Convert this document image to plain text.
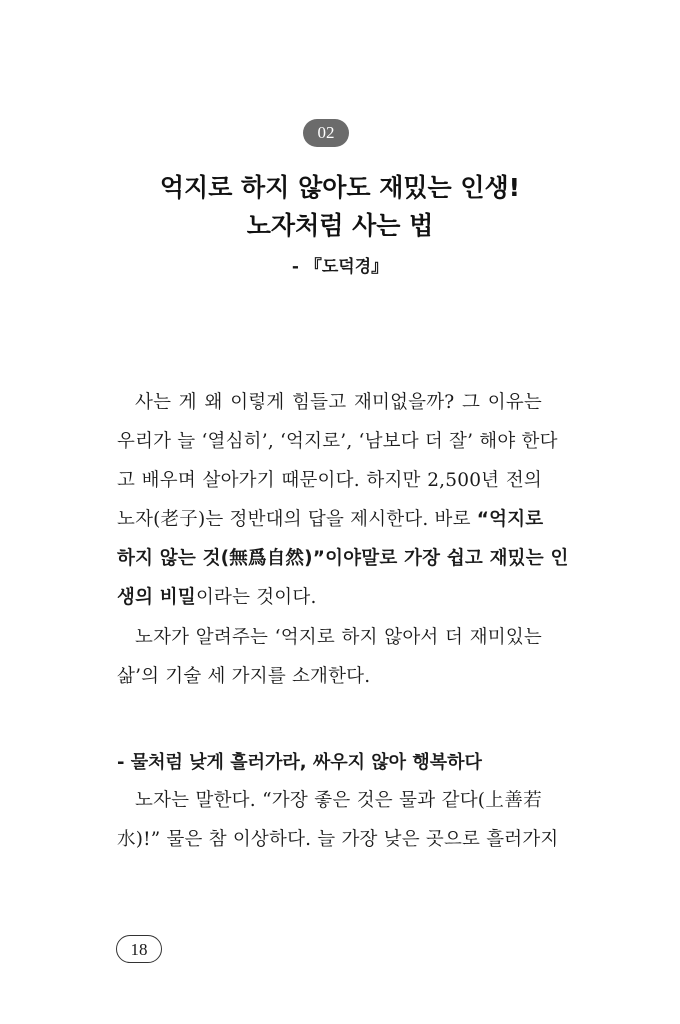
02
억지로 하지 않아도 재밌는 인생!
노자처럼 사는 법
- 『도덕경』
사는 게 왜 이렇게 힘들고 재미없을까? 그 이유는
우리가 늘 ‘열심히’, ‘억지로’, ‘남보다 더 잘’ 해야 한다
고 배우며 살아가기 때문이다. 하지만 2,500년 전의
노자(老子)는 정반대의 답을 제시한다. 바로 “억지로
하지 않는 것(無爲自然)”이야말로 가장 쉽고 재밌는 인
생의 비밀이라는 것이다.
노자가 알려주는 ‘억지로 하지 않아서 더 재미있는
삶’의 기술 세 가지를 소개한다.
- 물처럼 낮게 흘러가라, 싸우지 않아 행복하다
노자는 말한다. “가장 좋은 것은 물과 같다(上善若
水)!” 물은 참 이상하다. 늘 가장 낮은 곳으로 흘러가지
18
